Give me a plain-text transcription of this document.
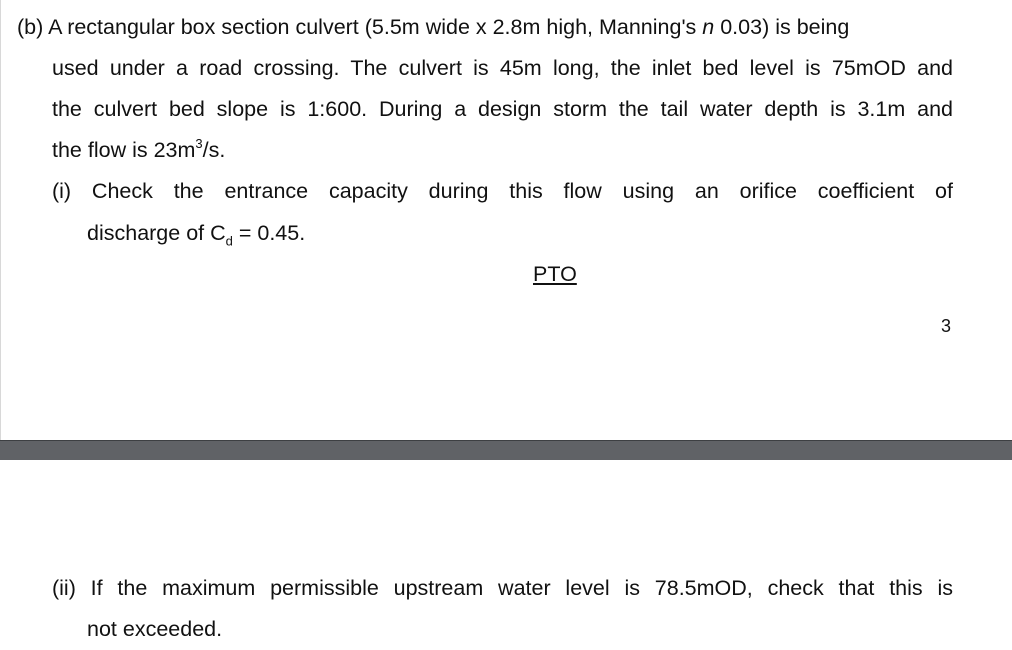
(b) A rectangular box section culvert (5.5m wide x 2.8m high, Manning's n 0.03) is being
used under a road crossing. The culvert is 45m long, the inlet bed level is 75mOD and
the culvert bed slope is 1:600. During a design storm the tail water depth is 3.1m and
the flow is $23m^3/s$.
(i) Check the entrance capacity during this flow using an orifice coefficient of
discharge of $C_d = 0.45$.
PTO
3
(ii) If the maximum permissible upstream water level is 78.5mOD, check that this is
not exceeded.
